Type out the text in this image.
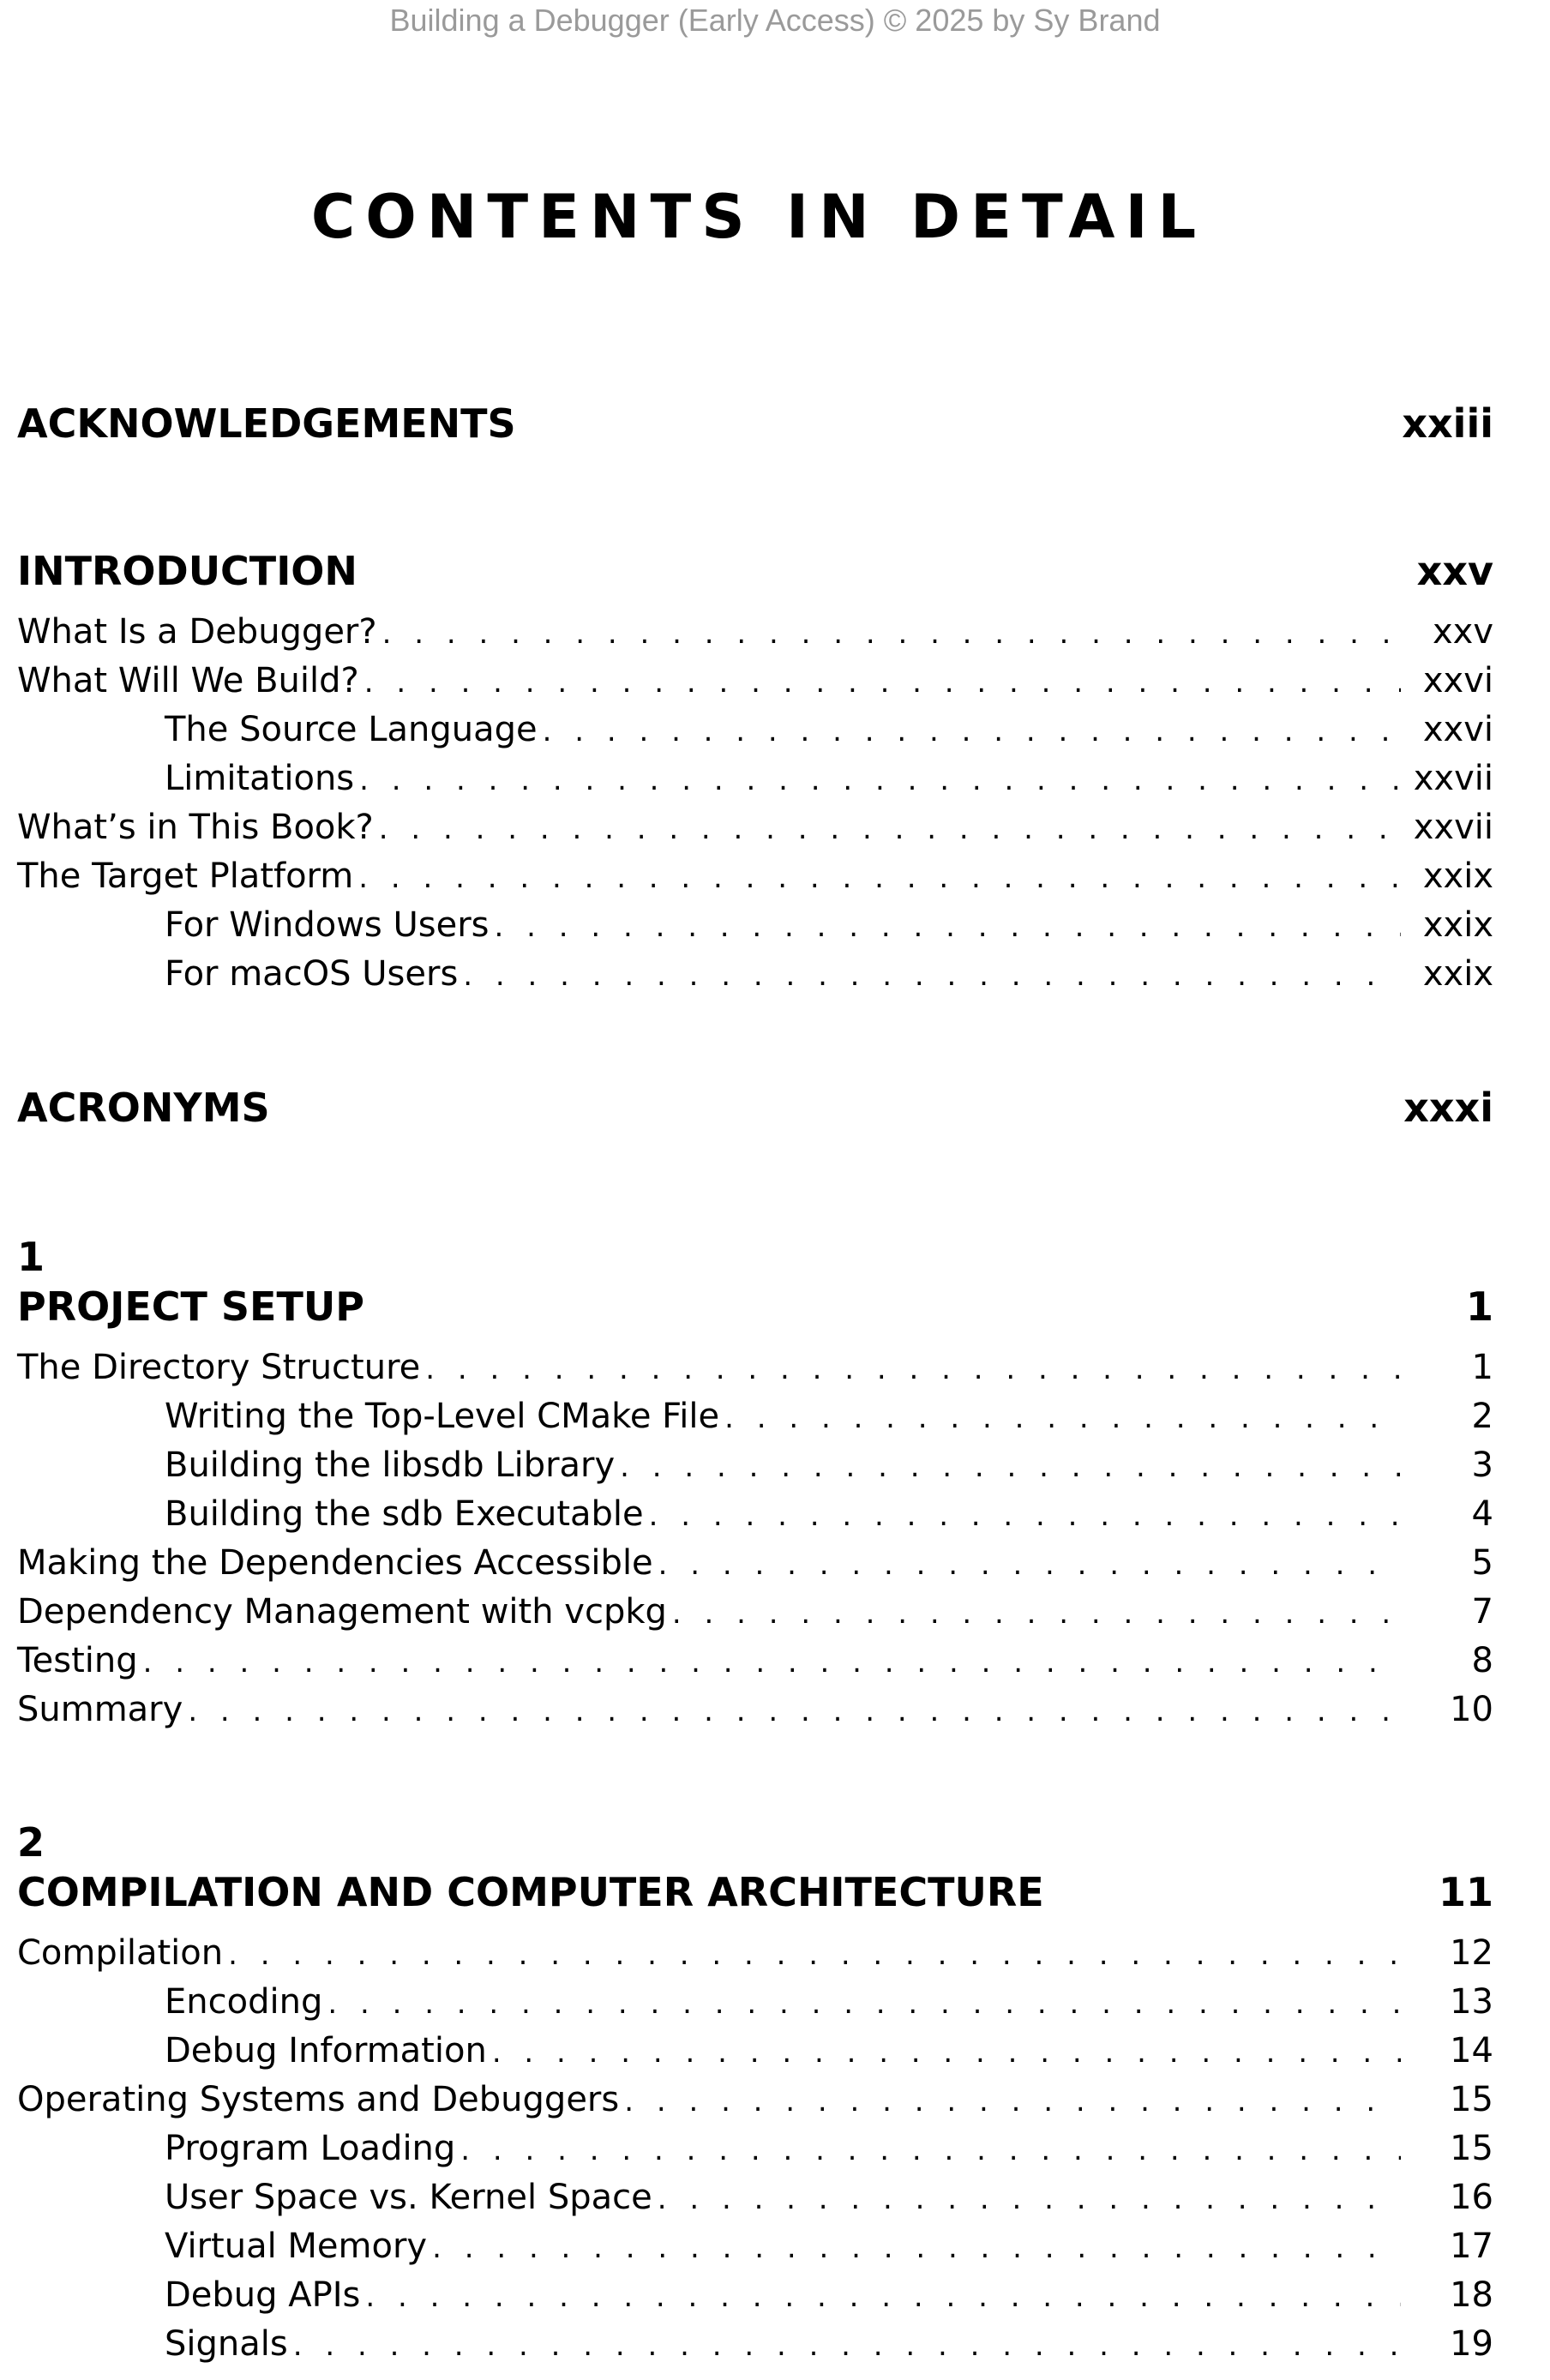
Building a Debugger (Early Access) © 2025 by Sy Brand
CONTENTS IN DETAIL
ACKNOWLEDGEMENTS	xxiii
INTRODUCTION	xxv
What Is a Debugger? . . .	xxv
What Will We Build? . . .	xxvi
The Source Language . . .	xxvi
Limitations . . .	xxvii
What’s in This Book? . . .	xxvii
The Target Platform . . .	xxix
For Windows Users . . .	xxix
For macOS Users . . .	xxix
ACRONYMS	xxxi
1
PROJECT SETUP	1
The Directory Structure . . .	1
Writing the Top-Level CMake File . . .	2
Building the libsdb Library . . .	3
Building the sdb Executable . . .	4
Making the Dependencies Accessible . . .	5
Dependency Management with vcpkg . . .	7
Testing . . .	8
Summary . . .	10
2
COMPILATION AND COMPUTER ARCHITECTURE	11
Compilation . . .	12
Encoding . . .	13
Debug Information . . .	14
Operating Systems and Debuggers . . .	15
Program Loading . . .	15
User Space vs. Kernel Space . . .	16
Virtual Memory . . .	17
Debug APIs . . .	18
Signals . . .	19
